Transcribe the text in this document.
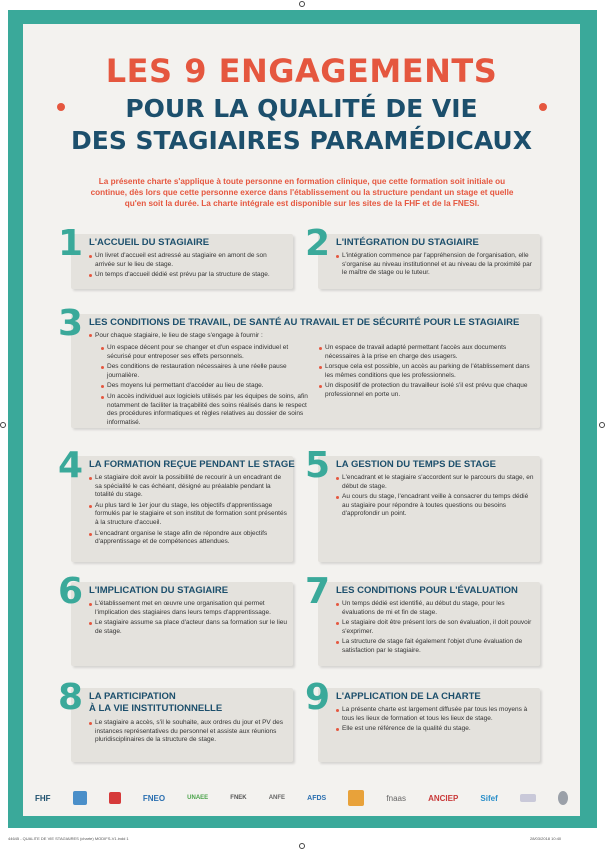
LES 9 ENGAGEMENTS
POUR LA QUALITÉ DE VIE
DES STAGIAIRES PARAMÉDICAUX
La présente charte s'applique à toute personne en formation clinique, que cette formation soit initiale ou continue, dès lors que cette personne exerce dans l'établissement ou la structure pendant un stage et quelle qu'en soit la durée. La charte intégrale est disponible sur les sites de la FHF et de la FNESI.
1 L'ACCUEIL DU STAGIAIRE
Un livret d'accueil est adressé au stagiaire en amont de son arrivée sur le lieu de stage.
Un temps d'accueil dédié est prévu par la structure de stage.
2 L'INTÉGRATION DU STAGIAIRE
L'intégration commence par l'appréhension de l'organisation, elle s'organise au niveau institutionnel et au niveau de la proximité par le maître de stage ou le tuteur.
3 LES CONDITIONS DE TRAVAIL, DE SANTÉ AU TRAVAIL ET DE SÉCURITÉ POUR LE STAGIAIRE
Pour chaque stagiaire, le lieu de stage s'engage à fournir :
Un espace décent pour se changer et d'un espace individuel et sécurisé pour entreposer ses effets personnels.
Des conditions de restauration nécessaires à une réelle pause journalière.
Des moyens lui permettant d'accéder au lieu de stage.
Un accès individuel aux logiciels utilisés par les équipes de soins, afin notamment de faciliter la traçabilité des soins réalisés dans le respect des procédures informatiques et règles relatives au dossier de soins informatisé.
Un espace de travail adapté permettant l'accès aux documents nécessaires à la prise en charge des usagers.
Lorsque cela est possible, un accès au parking de l'établissement dans les mêmes conditions que les professionnels.
Un dispositif de protection du travailleur isolé s'il est prévu que chaque professionnel en porte un.
4 LA FORMATION REÇUE PENDANT LE STAGE
Le stagiaire doit avoir la possibilité de recourir à un encadrant de sa spécialité le cas échéant, désigné au préalable pendant la totalité du stage.
Au plus tard le 1er jour du stage, les objectifs d'apprentissage formulés par le stagiaire et son institut de formation sont présentés à la structure d'accueil.
L'encadrant organise le stage afin de répondre aux objectifs d'apprentissage et de compétences attendues.
5 LA GESTION DU TEMPS DE STAGE
L'encadrant et le stagiaire s'accordent sur le parcours du stage, en début de stage.
Au cours du stage, l'encadrant veille à consacrer du temps dédié au stagiaire pour répondre à toutes questions ou besoins d'approfondir un point.
6 L'IMPLICATION DU STAGIAIRE
L'établissement met en œuvre une organisation qui permet l'implication des stagiaires dans leurs temps d'apprentissage.
Le stagiaire assume sa place d'acteur dans sa formation sur le lieu de stage.
7 LES CONDITIONS POUR L'ÉVALUATION
Un temps dédié est identifié, au début du stage, pour les évaluations de mi et fin de stage.
Le stagiaire doit être présent lors de son évaluation, il doit pouvoir s'exprimer.
La structure de stage fait également l'objet d'une évaluation de satisfaction par le stagiaire.
8 LA PARTICIPATION
À LA VIE INSTITUTIONNELLE
Le stagiaire a accès, s'il le souhaite, aux ordres du jour et PV des instances représentatives du personnel et assiste aux réunions pluridisciplinaires de la structure de stage.
9 L'APPLICATION DE LA CHARTE
La présente charte est largement diffusée par tous les moyens à tous les lieux de formation et tous les lieux de stage.
Elle est une référence de la qualité du stage.
FHF	FNEO	UNAEE	FNEK	ANFE	AFDS	fnaas	ANCIEP	Sifef
44645 - QUALITE DE VIE STAGIAIRES (charte) MODIFS-V1.indd 1	28/03/2018 10:40
